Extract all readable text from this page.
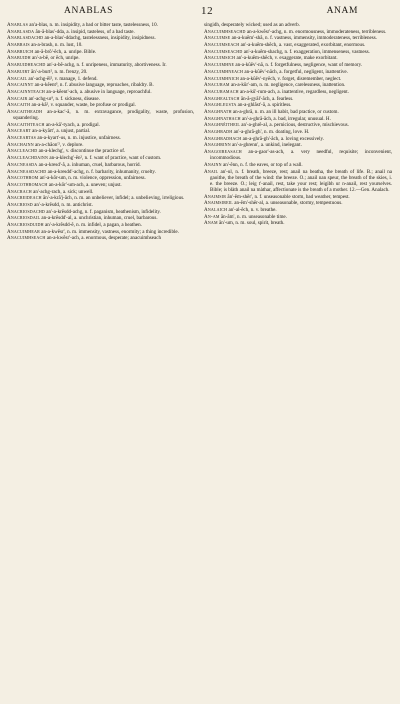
ANABLAS	12	ANAM
Anablas an'a-blas, n. m. insipidity, a bad or bitter taste, tastelessness, 10.
Anablasda ăn-ă-blas'-dda, a. insipid, tasteless, of a bad taste.
Anablasdachd an-a-blas'-ddachg, tastelessness, insipidity, insipidness.
Anabrais an-a-brash, n. m. lust, 10.
Anabruich an-ă-brŏ'-ĕch, a. unripe. Bible.
Anabuidh an'-a-bĕ, or ĕch, unripe.
Anabuidheachd an'-a-bĕ-achg, n. f. unripeness, immaturity, abortiveness. Ir.
Anabuirt ăn'-a-burt², n. m. frenzy, 20.
Anacail an'-achg-ĕl², v. manage, 1. defend.
Anacainnt an-a-kĕent³, n. f. abusive language, reproaches, ribaldry. B.
Anacainnteach an-a-kĕent'-ach, a. abusive in language, reproachful.
Anacair an'-achg-ur³, n. f. sickness, disease.
Anacaith an-a-kă², v. squander, waste, be profuse or prodigal.
Anacaitheadh an-a-kac'-ă, n. m. extravagance, prodigality, waste, profusion, squandering.
Anacaithteach an-a-kă'-tyach, a. prodigal.
Anaceart an-a-kyărt', a. unjust, partial.
Anaceartas an-a-kyart'-us, n. m. injustice, unfairness.
Anachainn an-a-chăon'², v. deplore.
Anacleachd an-a-klechg', v. discontinue the practice of.
Anacleachdainn an-a-klechg'-ĕn², n. f. want of practice, want of custom.
Anacneasda an-a-kresd'-ă, a. inhuman, cruel, barbarous, horrid.
Anacneasdachd an-a-kresdd'-achg, n. f. barbarity, inhumanity, cruelty.
Anacothrom an'-a-kŏr-um, n. m. violence, oppression, unfairness.
Anacothromach an-a-kŏr'-um-ach, a. uneven; unjust.
Anacrach an'-achg-rach, a. sick; unwell.
Anacreideach ăn'-a-kră'j-ăch, n. m. an unbeliever, infidel; a. unbelieving, irreligious.
Anacriosd an'-a-krĕsdd, n. m. antichrist.
Anacriosdachd an'-a-krĕsdd-achg, n. f. paganism, heathenism, infidelity.
Anacriosdail an-a-krĕsdd'-al, a. unchristian, inhuman, cruel, barbarous.
Anacriosduidh an'-a-krĕsdd-ĕ, n. m. infidel, a pagan, a heathen.
Anacuimhear an-a-kwĕsr', n. m. immensity, vastness, enormity; a thing incredible.
Anacuimhseach an-a-kwĕsr'-ach, a. enormous, desperate; anacuimhseach
singidh, desperately wicked; used as an adverb.
Anacuimhseachd an-a-kwĕsr'-achg, n. m. enormousness, immoderateness, terribleness.
Anacuimse an-a-kuĕm'-shă, n. f. vastness, immensity, immoderateness, terribleness.
Anacuimseach an'-a-kuĕm-shĕch, a. vast, exaggerated, exorbitant, enormous.
Anacuimseachd an'-a-kuĕm-shachg, n. f. exaggeration, immenseness, vastness.
Anacuimsich an'-a-kuĕm-shĕch, v. exaggerate, make exorbitant.
Anacuimhne an-a-kŭĕv'-nă, n. f. forgetfulness, negligence, want of memory.
Anacuimhneach an-a-kŭĕv'-năch, a. forgetful, negligent, inattentive.
Anacuimhnich an-a-kŭĕv'-nyĕch, v. forget, disremember, neglect.
Anacuram an-a-kŭr'-am, n. m. negligence, carelessness, inattention.
Anacuramach an-a-kŭ'-rum-ach, a. inattentive, regardless, negligent.
Anaghealtach ăn-ă-gyăl'-ăch, a. fearless.
Anaghleusta an-a-ghlăst'-ă, a. spiritless.
Anaghnath an-a-ghră, n. m. an ill habit, bad practice, or custom.
Anaghnathach an'-a-ghră-ăch, a. bad, irregular, unusual. H.
Anaghnéitheil an'-a-ghrĕ-al, a. pernicious, destructive, mischievous.
Anaghradh an'-a-ghră-gh', n. m. doating, love. H.
Anaghradhach an-a-ghră-gh'-ăch, a. loving excessively.
Anaghrinn an'-a-ghrenn', a. unkind, inelegant.
Anagoireasach an-a-gaor'-as-ach, a. very needful, requisite; inconvenient, incommodious.
Anainn an'-ĕnn, n. f. the eaves, or top of a wall.
Anail an'-ul, n. f. breath, breeze, rest; anail na beatha, the breath of life. B.; anail na gaoithe, the breath of the wind: the breeze. O.; anail nan speur, the breath of the skies, i. e. the breeze. O.; leig t'-anail, rest, take your rest; leigibh ur n-anail, rest yourselves. Bible; is blàth anail na màthar, affectionate is the breath of a mother. 12.—Gen. Analach.
Anaimsir ăn'-ĕm-shĕr', n. f. unseasonable storm, bad weather, tempest.
Anaimsireil an-ĕm'-shĕr-al, a. unseasonable, stormy, tempestuous.
Analaich an'-al-ĕch, n. v. breathe.
An-am ăn-ăm', n. m. unseasonable time.
Anam ăn'-um, n. m. soul, spirit, breath.
